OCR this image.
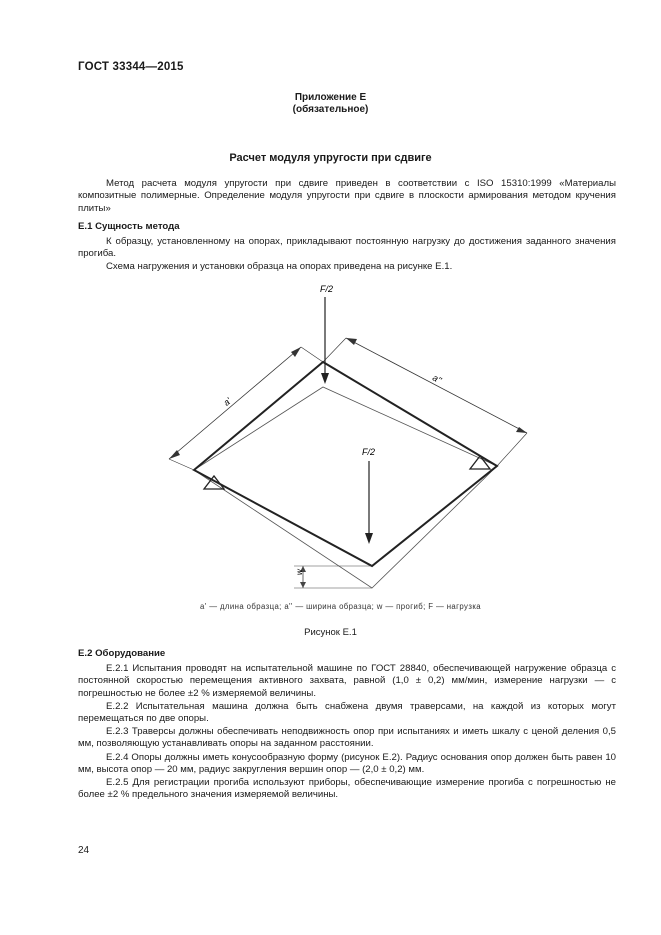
ГОСТ 33344—2015
Приложение Е
(обязательное)
Расчет модуля упругости при сдвиге
Метод расчета модуля упругости при сдвиге приведен в соответствии с ISO 15310:1999 «Материалы композитные полимерные. Определение модуля упругости при сдвиге в плоскости армирования методом кручения плиты»
Е.1 Сущность метода
К образцу, установленному на опорах, прикладывают постоянную нагрузку до достижения заданного значения прогиба.
Схема нагружения и установки образца на опорах приведена на рисунке Е.1.
a'
a''
F/2
F/2
w
a' — длина образца; a'' — ширина образца; w — прогиб; F — нагрузка
Рисунок Е.1
Е.2 Оборудование
Е.2.1 Испытания проводят на испытательной машине по ГОСТ 28840, обеспечивающей нагружение образца с постоянной скоростью перемещения активного захвата, равной (1,0 ± 0,2) мм/мин, измерение нагрузки — с погрешностью не более ±2 % измеряемой величины.
Е.2.2 Испытательная машина должна быть снабжена двумя траверсами, на каждой из которых могут перемещаться по две опоры.
Е.2.3 Траверсы должны обеспечивать неподвижность опор при испытаниях и иметь шкалу с ценой деления 0,5 мм, позволяющую устанавливать опоры на заданном расстоянии.
Е.2.4 Опоры должны иметь конусообразную форму (рисунок Е.2). Радиус основания опор должен быть равен 10 мм, высота опор — 20 мм, радиус закругления вершин опор — (2,0 ± 0,2) мм.
Е.2.5 Для регистрации прогиба используют приборы, обеспечивающие измерение прогиба с погрешностью не более ±2 % предельного значения измеряемой величины.
24
